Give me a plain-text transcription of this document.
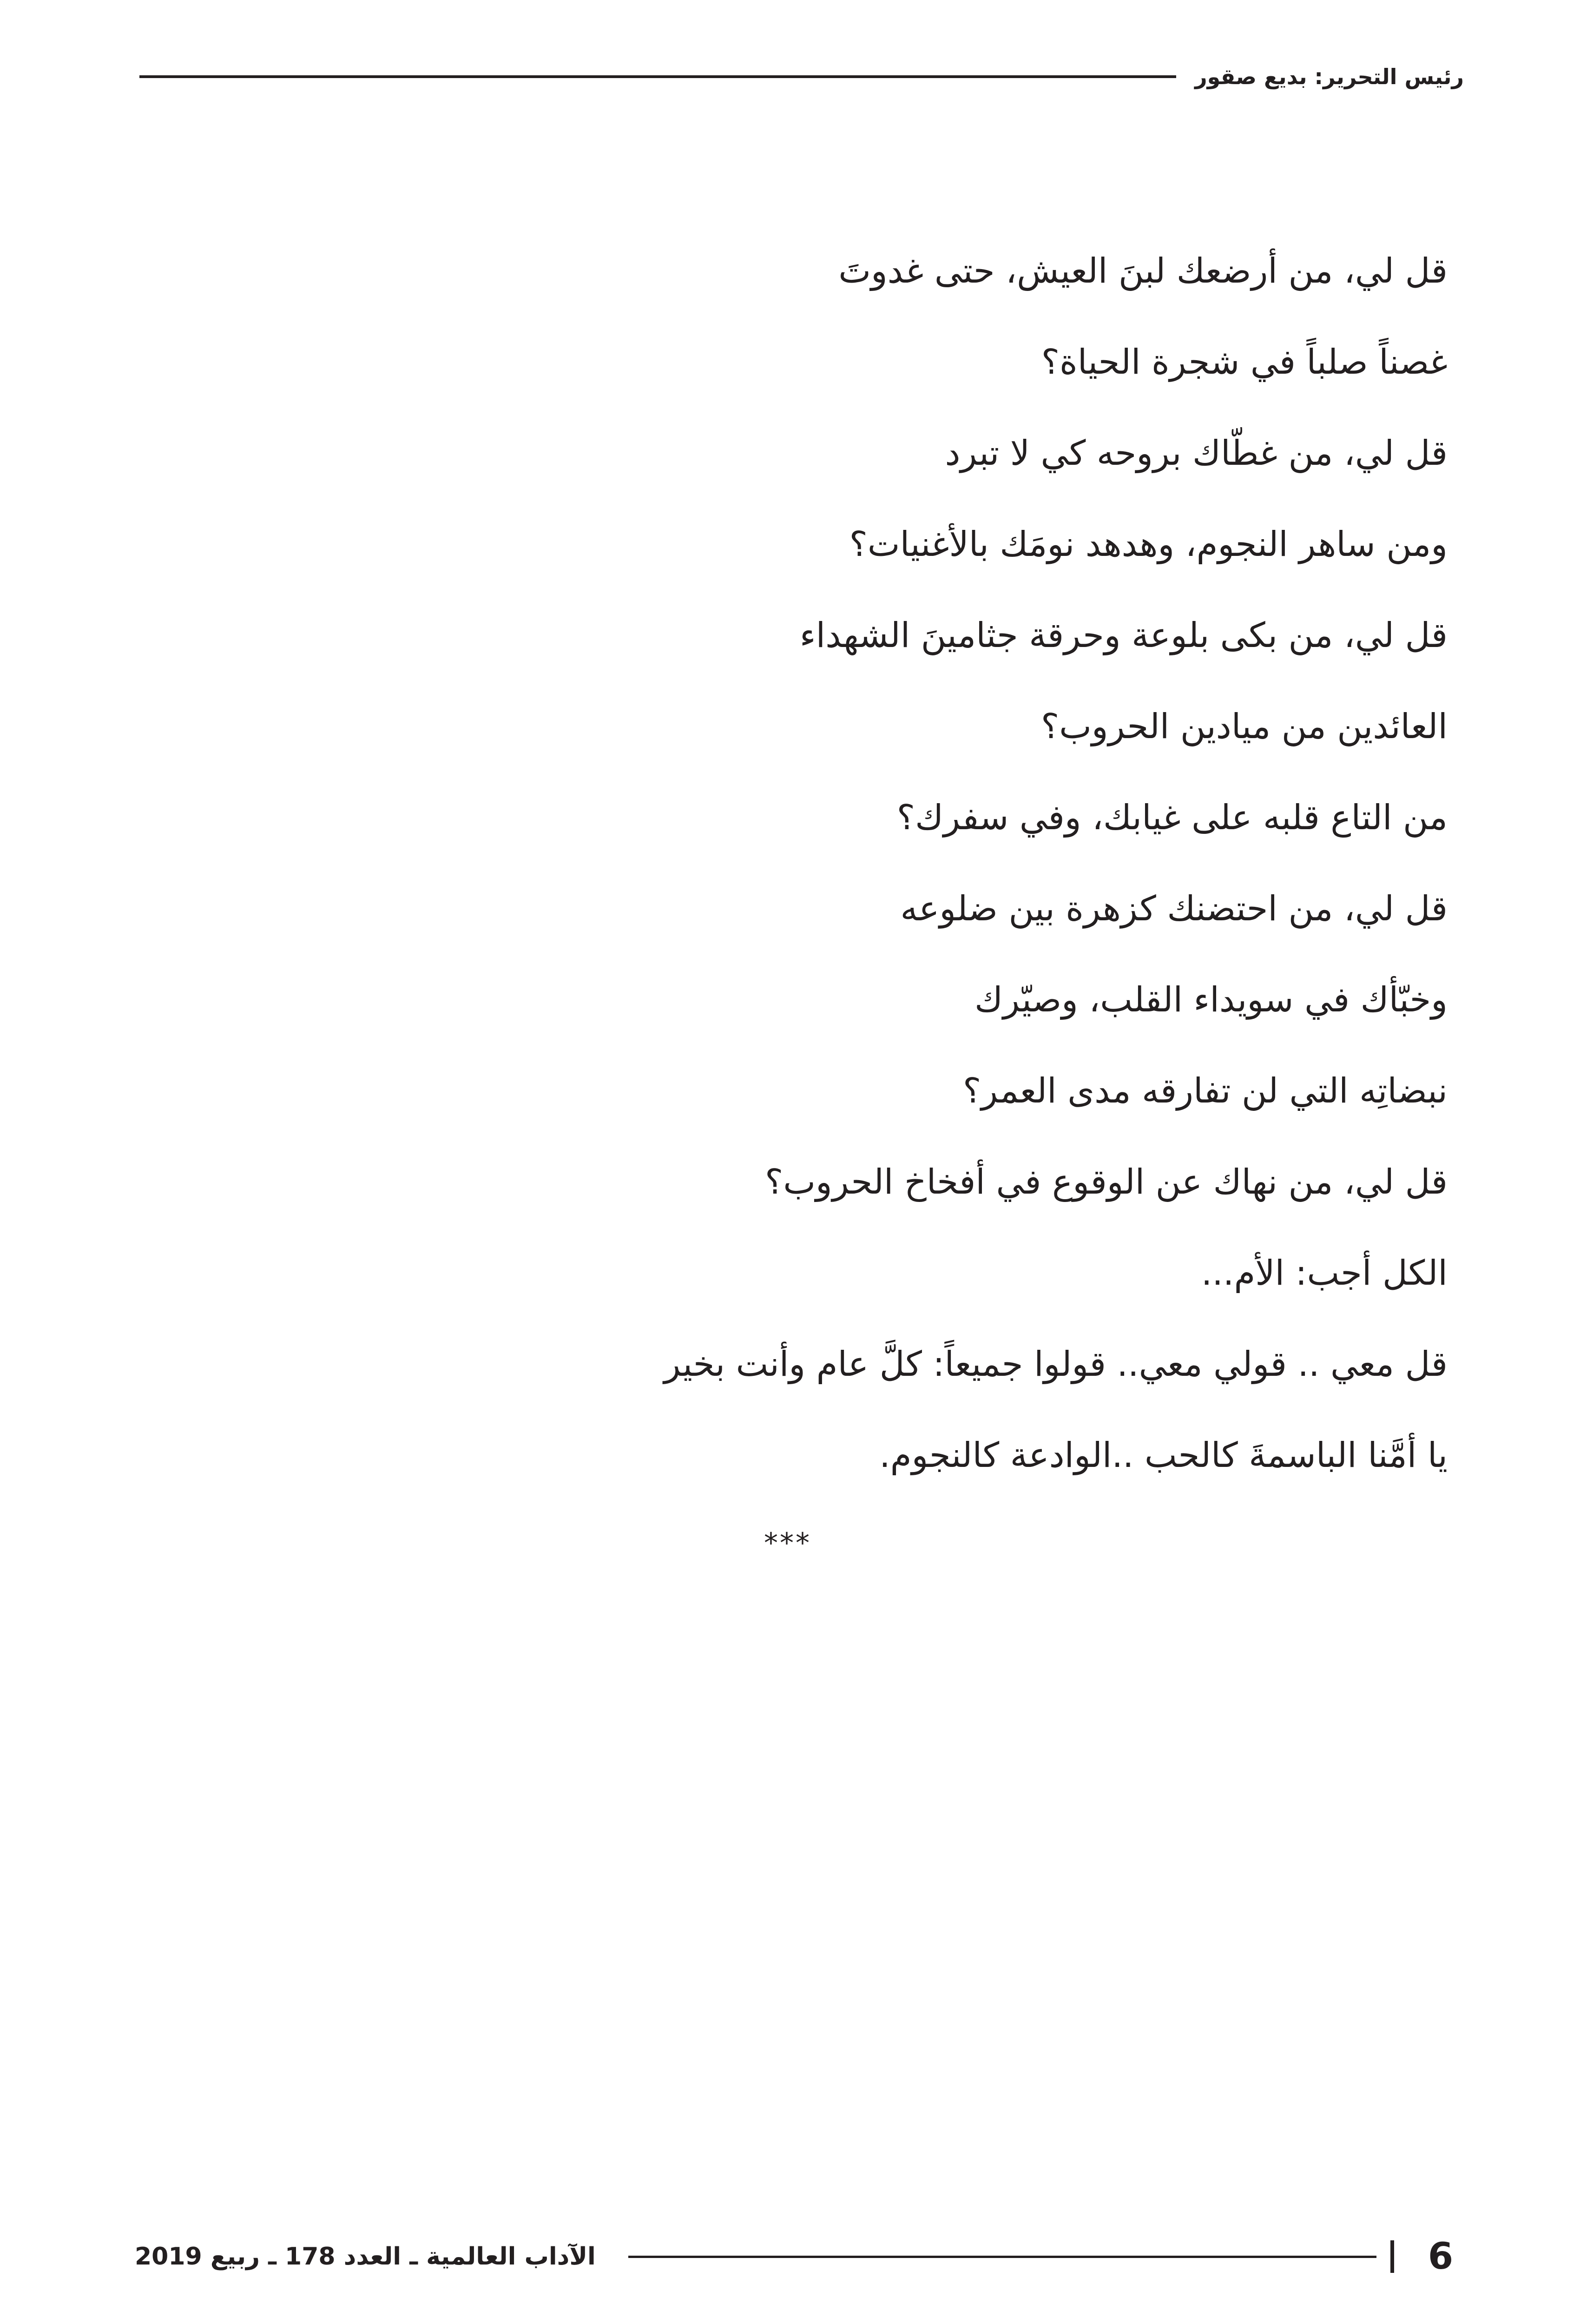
رئيس التحرير: بديع صقور
قل لي، من أرضعك لبنَ العيش، حتى غدوتَ
غصناً صلباً في شجرة الحياة؟
قل لي، من غطّاك بروحه كي لا تبرد
ومن ساهر النجوم، وهدهد نومَك بالأغنيات؟
قل لي، من بكى بلوعة وحرقة جثامينَ الشهداء
العائدين من ميادين الحروب؟
من التاع قلبه على غيابك، وفي سفرك؟
قل لي، من احتضنك كزهرة بين ضلوعه
وخبّأك في سويداء القلب، وصيّرك
نبضاتِه التي لن تفارقه مدى العمر؟
قل لي، من نهاك عن الوقوع في أفخاخ الحروب؟
الكل أجب: الأم...
قل معي .. قولي معي.. قولوا جميعاً: كلَّ عام وأنت بخير
يا أمَّنا الباسمةَ كالحب ..الوادعة كالنجوم.
***
6
الآداب العالمية ـ العدد 178 ـ ربيع 2019
